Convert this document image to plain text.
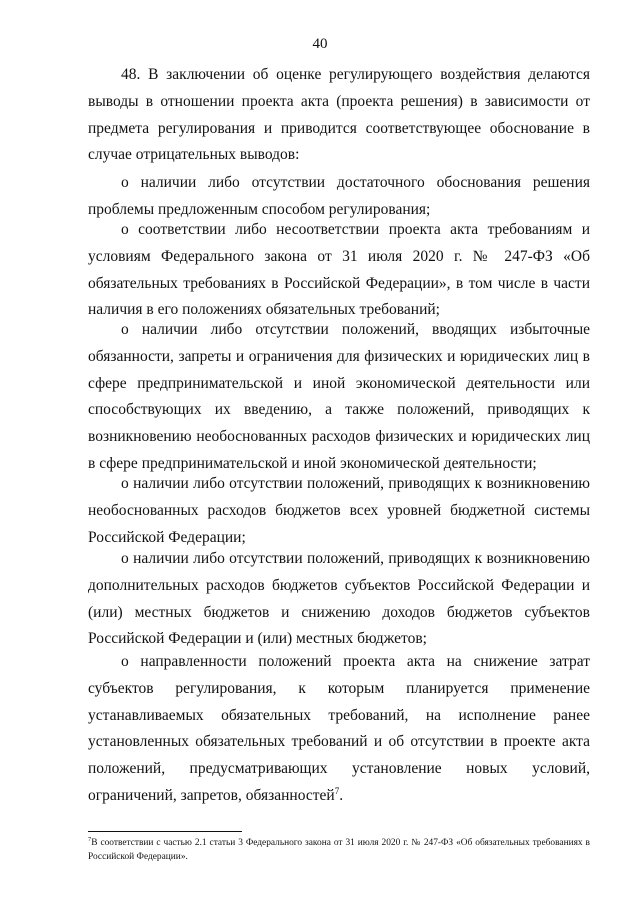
40

48. В заключении об оценке регулирующего воздействия делаются выводы в отношении проекта акта (проекта решения) в зависимости от предмета регулирования и приводится соответствующее обоснование в случае отрицательных выводов:

о наличии либо отсутствии достаточного обоснования решения проблемы предложенным способом регулирования;

о соответствии либо несоответствии проекта акта требованиям и условиям Федерального закона от 31 июля 2020 г. № 247-ФЗ «Об обязательных требованиях в Российской Федерации», в том числе в части наличия в его положениях обязательных требований;

о наличии либо отсутствии положений, вводящих избыточные обязанности, запреты и ограничения для физических и юридических лиц в сфере предпринимательской и иной экономической деятельности или способствующих их введению, а также положений, приводящих к возникновению необоснованных расходов физических и юридических лиц в сфере предпринимательской и иной экономической деятельности;

о наличии либо отсутствии положений, приводящих к возникновению необоснованных расходов бюджетов всех уровней бюджетной системы Российской Федерации;

о наличии либо отсутствии положений, приводящих к возникновению дополнительных расходов бюджетов субъектов Российской Федерации и (или) местных бюджетов и снижению доходов бюджетов субъектов Российской Федерации и (или) местных бюджетов;

о направленности положений проекта акта на снижение затрат субъектов регулирования, к которым планируется применение устанавливаемых обязательных требований, на исполнение ранее установленных обязательных требований и об отсутствии в проекте акта положений, предусматривающих установление новых условий, ограничений, запретов, обязанностей$^7$.

$^7$В соответствии с частью 2.1 статьи 3 Федерального закона от 31 июля 2020 г. № 247-ФЗ «Об обязательных требованиях в Российской Федерации».
